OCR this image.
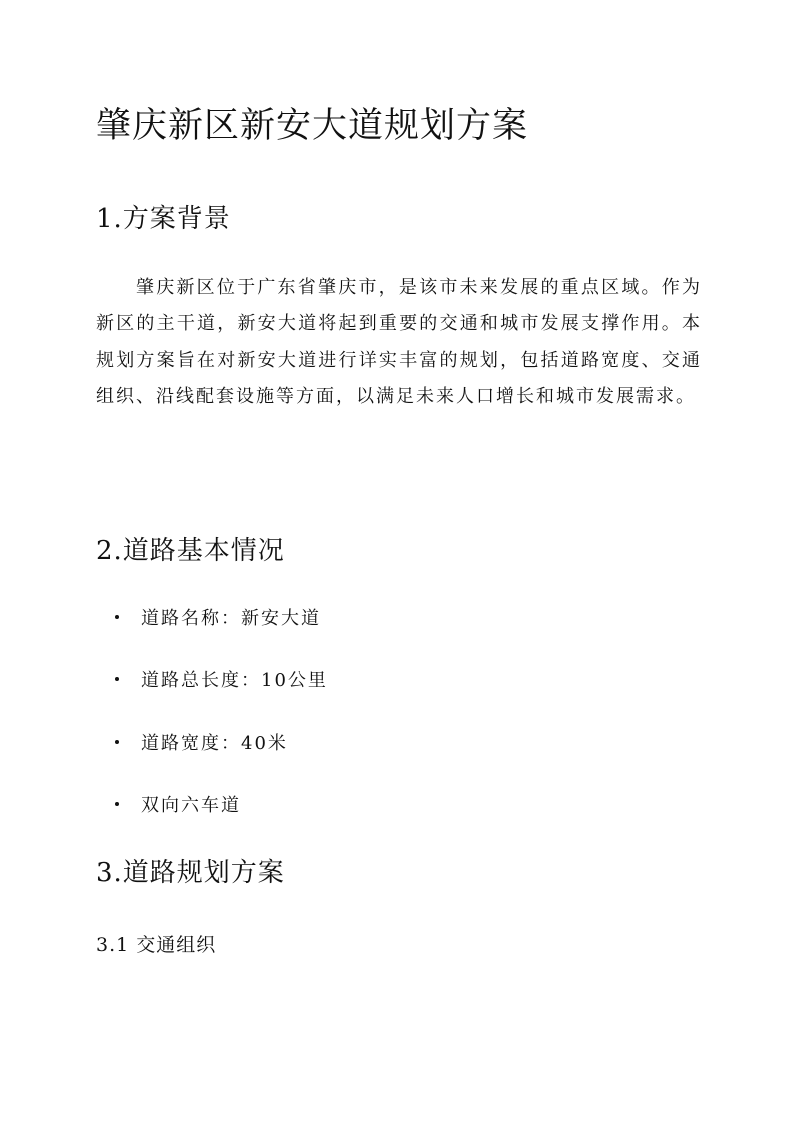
肇庆新区新安大道规划方案
1.方案背景

肇庆新区位于广东省肇庆市，是该市未来发展的重点区域。作为新区的主干道，新安大道将起到重要的交通和城市发展支撑作用。本规划方案旨在对新安大道进行详实丰富的规划，包括道路宽度、交通组织、沿线配套设施等方面，以满足未来人口增长和城市发展需求。

2.道路基本情况
道路名称：新安大道
道路总长度：10公里
道路宽度：40米
双向六车道
3.道路规划方案
3.1 交通组织
